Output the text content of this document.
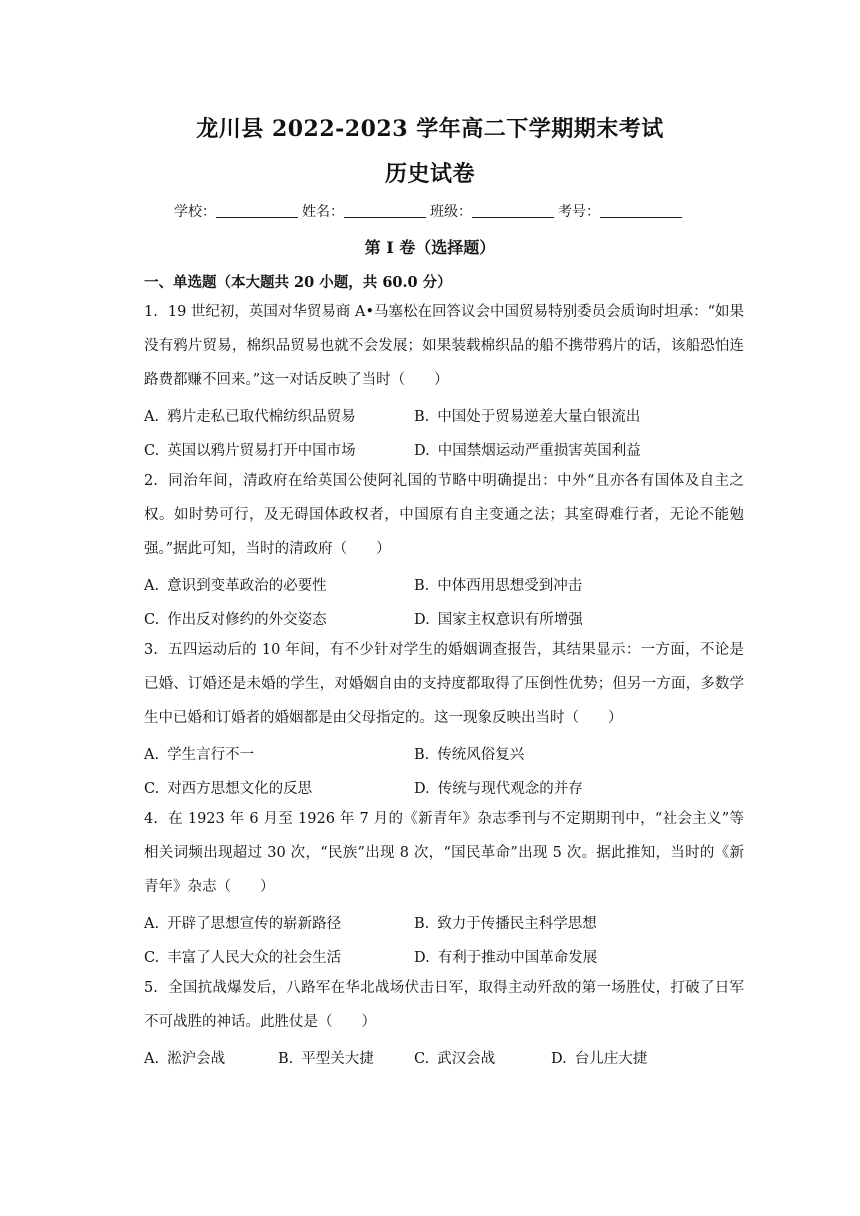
龙川县 2022-2023 学年高二下学期期末考试
历史试卷
学校：	姓名：	班级：	考号：
第 I 卷（选择题）
一、单选题（本大题共 20 小题，共 60.0 分）
1. 19 世纪初，英国对华贸易商 A•马塞松在回答议会中国贸易特别委员会质询时坦承：“如果没有鸦片贸易，棉织品贸易也就不会发展；如果装载棉织品的船不携带鸦片的话，该船恐怕连路费都赚不回来。”这一对话反映了当时（　　）
A. 鸦片走私已取代棉纺织品贸易	B. 中国处于贸易逆差大量白银流出
C. 英国以鸦片贸易打开中国市场	D. 中国禁烟运动严重损害英国利益
2. 同治年间，清政府在给英国公使阿礼国的节略中明确提出：中外“且亦各有国体及自主之权。如时势可行，及无碍国体政权者，中国原有自主变通之法；其室碍难行者，无论不能勉强。”据此可知，当时的清政府（　　）
A. 意识到变革政治的必要性	B. 中体西用思想受到冲击
C. 作出反对修约的外交姿态	D. 国家主权意识有所增强
3. 五四运动后的 10 年间，有不少针对学生的婚姻调查报告，其结果显示：一方面，不论是已婚、订婚还是未婚的学生，对婚姻自由的支持度都取得了压倒性优势；但另一方面，多数学生中已婚和订婚者的婚姻都是由父母指定的。这一现象反映出当时（　　）
A. 学生言行不一	B. 传统风俗复兴
C. 对西方思想文化的反思	D. 传统与现代观念的并存
4. 在 1923 年 6 月至 1926 年 7 月的《新青年》杂志季刊与不定期期刊中，“社会主义”等相关词频出现超过 30 次，“民族”出现 8 次，“国民革命”出现 5 次。据此推知，当时的《新青年》杂志（　　）
A. 开辟了思想宣传的崭新路径	B. 致力于传播民主科学思想
C. 丰富了人民大众的社会生活	D. 有利于推动中国革命发展
5. 全国抗战爆发后，八路军在华北战场伏击日军，取得主动歼敌的第一场胜仗，打破了日军不可战胜的神话。此胜仗是（　　）
A. 淞沪会战	B. 平型关大捷	C. 武汉会战	D. 台儿庄大捷
